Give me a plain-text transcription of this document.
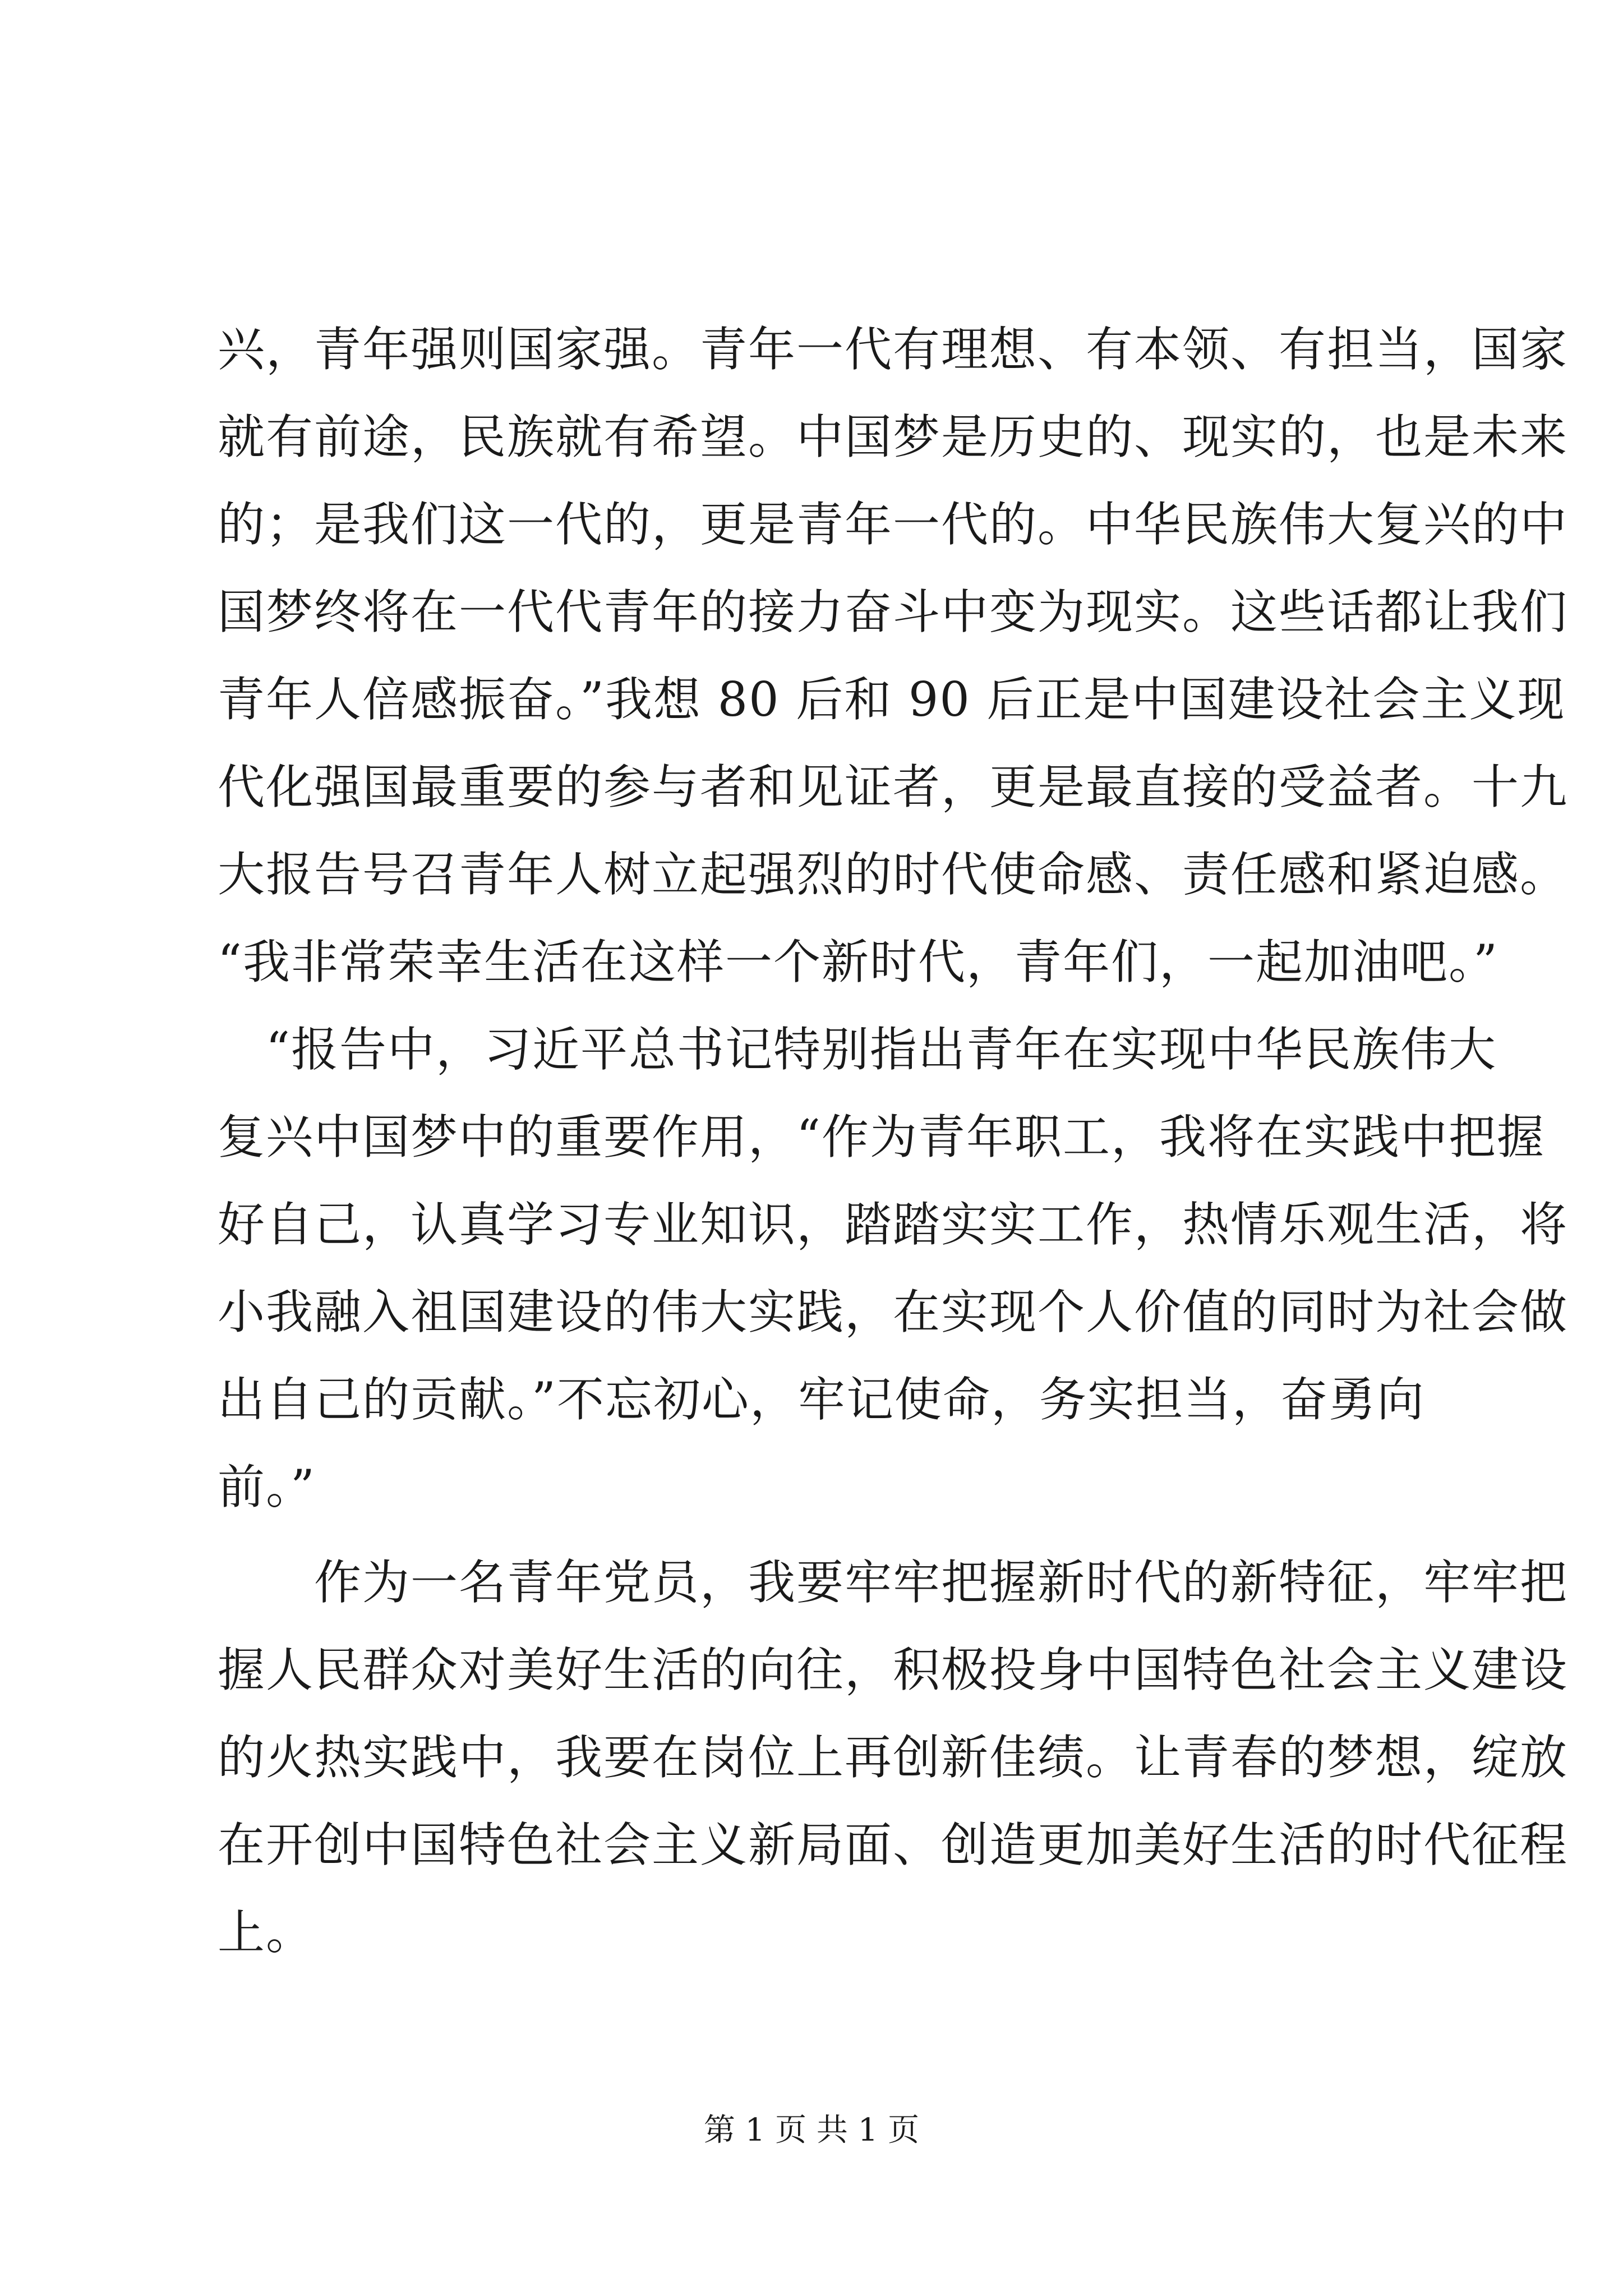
兴，青年强则国家强。青年一代有理想、有本领、有担当，国家
就有前途，民族就有希望。中国梦是历史的、现实的，也是未来
的；是我们这一代的，更是青年一代的。中华民族伟大复兴的中
国梦终将在一代代青年的接力奋斗中变为现实。这些话都让我们
青年人倍感振奋。”我想 80 后和 90 后正是中国建设社会主义现
代化强国最重要的参与者和见证者，更是最直接的受益者。十九
大报告号召青年人树立起强烈的时代使命感、责任感和紧迫感。
“我非常荣幸生活在这样一个新时代，青年们，一起加油吧。”
　“报告中，习近平总书记特别指出青年在实现中华民族伟大
复兴中国梦中的重要作用，“作为青年职工，我将在实践中把握
好自己，认真学习专业知识，踏踏实实工作，热情乐观生活，将
小我融入祖国建设的伟大实践，在实现个人价值的同时为社会做
出自己的贡献。”不忘初心，牢记使命，务实担当，奋勇向
前。”
　　作为一名青年党员，我要牢牢把握新时代的新特征，牢牢把
握人民群众对美好生活的向往，积极投身中国特色社会主义建设
的火热实践中，我要在岗位上再创新佳绩。让青春的梦想，绽放
在开创中国特色社会主义新局面、创造更加美好生活的时代征程
上。
第 1 页 共 1 页
